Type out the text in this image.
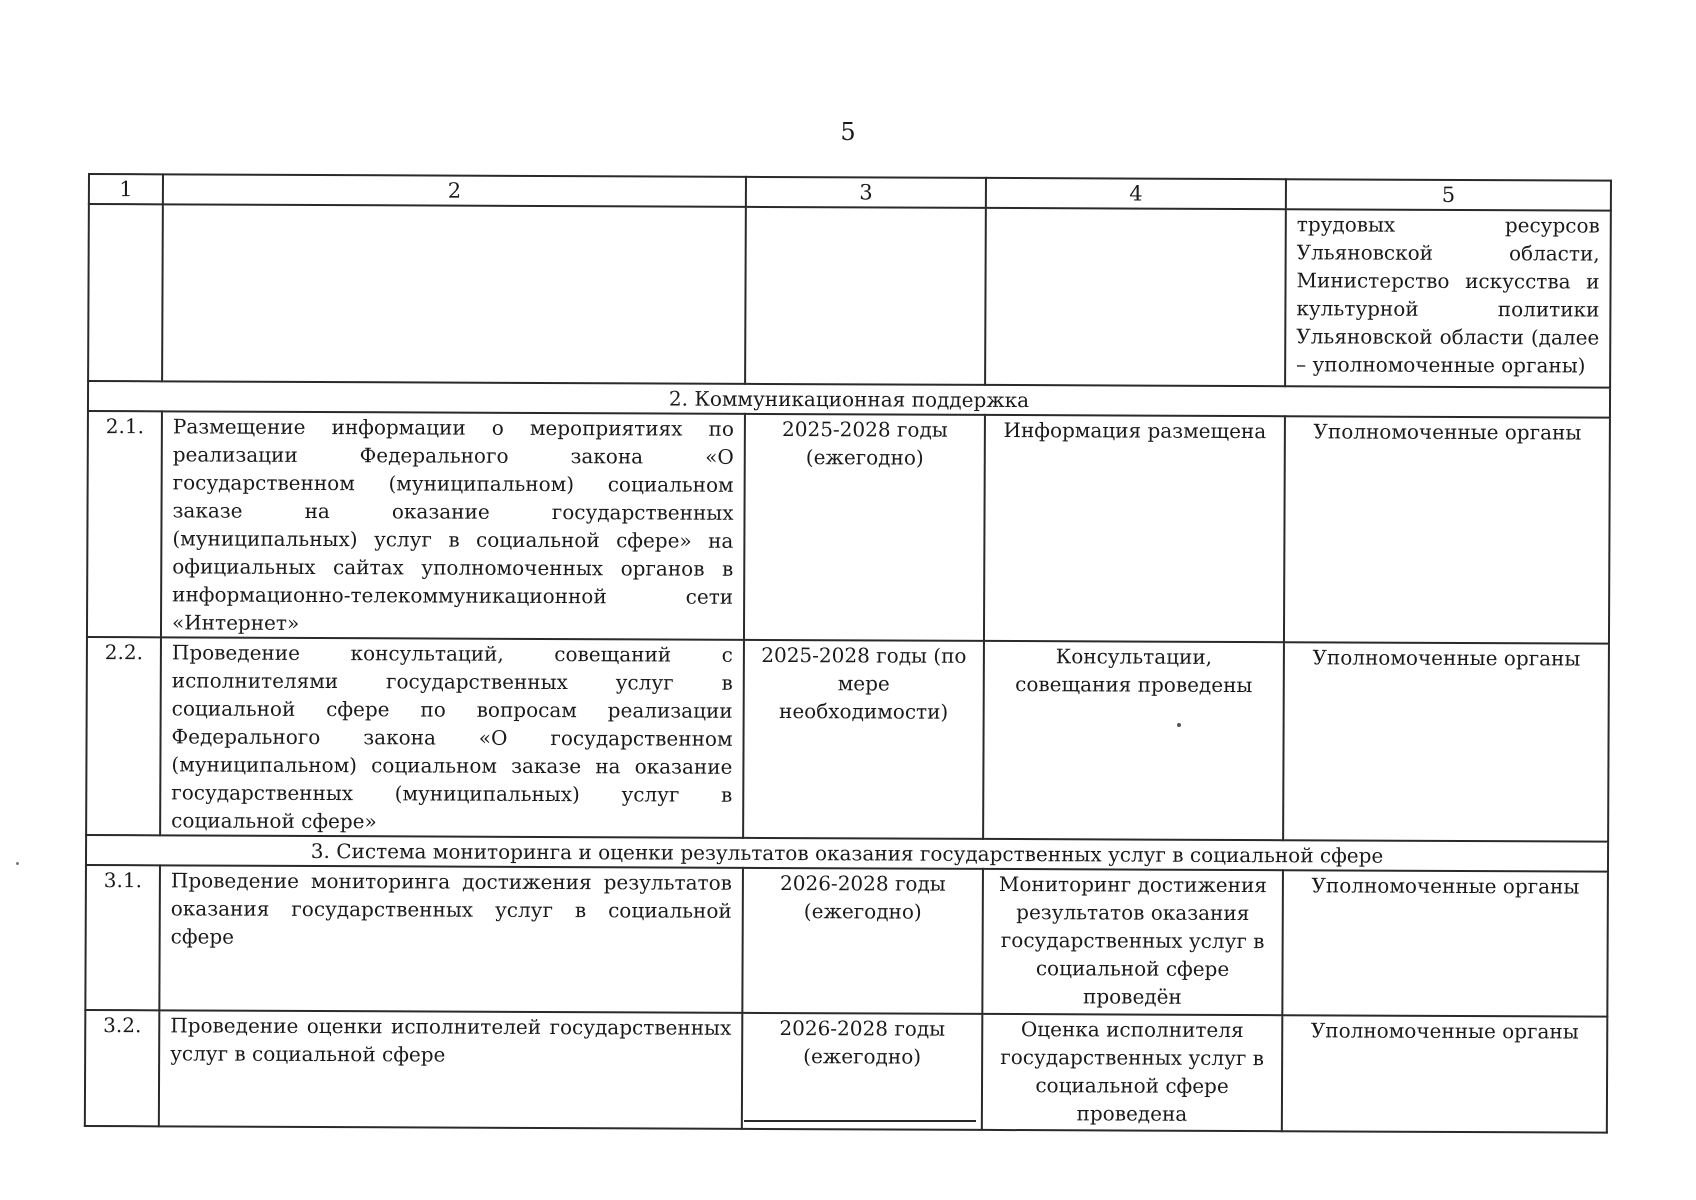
5
1	2	3	4	5
				трудовых ресурсов Ульяновской области, Министерство искусства и культурной политики Ульяновской области (далее – уполномоченные органы)
2. Коммуникационная поддержка				
2.1.	Размещение информации о мероприятиях по реализации Федерального закона «О государственном (муниципальном) социальном заказе на оказание государственных (муниципальных) услуг в социальной сфере» на официальных сайтах уполномоченных органов в информационно-телекоммуникационной сети «Интернет»	2025-2028 годы (ежегодно)	Информация размещена	Уполномоченные органы
2.2.	Проведение консультаций, совещаний с исполнителями государственных услуг в социальной сфере по вопросам реализации Федерального закона «О государственном (муниципальном) социальном заказе на оказание государственных (муниципальных) услуг в социальной сфере»	2025-2028 годы (по мере необходимости)	Консультации, совещания проведены	Уполномоченные органы
3. Система мониторинга и оценки результатов оказания государственных услуг в социальной сфере				
3.1.	Проведение мониторинга достижения результатов оказания государственных услуг в социальной сфере	2026-2028 годы (ежегодно)	Мониторинг достижения результатов оказания государственных услуг в социальной сфере проведён	Уполномоченные органы
3.2.	Проведение оценки исполнителей государственных услуг в социальной сфере	2026-2028 годы (ежегодно)	Оценка исполнителя государственных услуг в социальной сфере проведена	Уполномоченные органы
